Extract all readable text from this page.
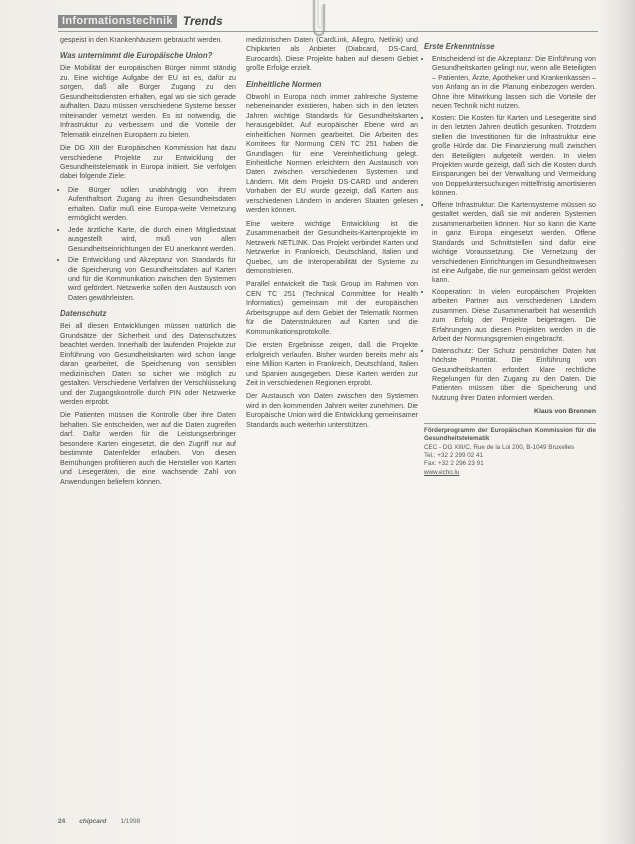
Informationstechnik Trends

gespeist in den Krankenhäusern gebraucht werden.

Was unternimmt die Europäische Union?

Die Mobilität der europäischen Bürger nimmt ständig zu. Eine wichtige Aufgabe der EU ist es, dafür zu sorgen, daß alle Bürger Zugang zu den Gesundheitsdiensten erhalten, egal wo sie sich gerade aufhalten. Dazu müssen verschiedene Systeme besser miteinander vernetzt werden. Es ist notwendig, die Infrastruktur zu verbessern und die Vorteile der Telematik einzelnen Europäern zu bieten.

Die DG XIII der Europäischen Kommission hat dazu verschiedene Projekte zur Entwicklung der Gesundheitstelematik in Europa initiiert. Sie verfolgen dabei folgende Ziele:

• Die Bürger sollen unabhängig von ihrem Aufenthaltsort Zugang zu ihren Gesundheitsdaten erhalten. Dafür muß eine Europa-weite Vernetzung ermöglicht werden.
• Jede ärztliche Karte, die durch einen Mitgliedstaat ausgestellt wird, muß von allen Gesundheitseinrichtungen der EU anerkannt werden.
• Die Entwicklung und Akzeptanz von Standards für die Speicherung von Gesundheitsdaten auf Karten und für die Kommunikation zwischen den Systemen wird gefördert. Netzwerke sollen den Austausch von Daten gewährleisten.
Datenschutz

Bei all diesen Entwicklungen müssen natürlich die Grundsätze der Sicherheit und des Datenschutzes beachtet werden. Innerhalb der laufenden Projekte zur Einführung von Gesundheitskarten wird schon lange daran gearbeitet, die Speicherung von sensiblen medizinischen Daten so sicher wie möglich zu gestalten. Verschiedene Verfahren der Verschlüsselung und der Zugangskontrolle durch PIN oder Netzwerke werden erprobt.

Die Patienten müssen die Kontrolle über ihre Daten behalten. Sie entscheiden, wer auf die Daten zugreifen darf. Dafür werden für die Leistungserbringer besondere Karten eingesetzt, die den Zugriff nur auf bestimmte Datenfelder erlauben. Von diesen Bemühungen profitieren auch die Hersteller von Karten und Lesegeräten, die eine wachsende Zahl von Anwendungen beliefern können.

medizinischen Daten (CardLink, Allegro, Netlink) und Chipkarten als Anbieter (Diabcard, DS-Card, Eurocards). Diese Projekte haben auf diesem Gebiet große Erfolge erzielt.

Einheitliche Normen

Obwohl in Europa noch immer zahlreiche Systeme nebeneinander existieren, haben sich in den letzten Jahren wichtige Standards für Gesundheitskarten herausgebildet. Auf europäischer Ebene wird an einheitlichen Normen gearbeitet. Die Arbeiten des Komitees für Normung CEN TC 251 haben die Grundlagen für eine Vereinheitlichung gelegt. Einheitliche Normen erleichtern den Austausch von Daten zwischen verschiedenen Systemen und Ländern. Mit dem Projekt DS-CARD und anderen Vorhaben der EU wurde gezeigt, daß Karten aus verschiedenen Ländern in anderen Staaten gelesen werden können.

Eine weitere wichtige Entwicklung ist die Zusammenarbeit der Gesundheits-Kartenprojekte im Netzwerk NETLINK. Das Projekt verbindet Karten und Netzwerke in Frankreich, Deutschland, Italien und Quebec, um die Interoperabilität der Systeme zu demonstrieren.

Parallel entwickelt die Task Group im Rahmen von CEN TC 251 (Technical Committee for Health Informatics) gemeinsam mit der europäischen Arbeitsgruppe auf dem Gebiet der Telematik Normen für die Datenstrukturen auf Karten und die Kommunikationsprotokolle.

Die ersten Ergebnisse zeigen, daß die Projekte erfolgreich verlaufen. Bisher wurden bereits mehr als eine Million Karten in Frankreich, Deutschland, Italien und Spanien ausgegeben. Diese Karten werden zur Zeit in verschiedenen Regionen erprobt.

Der Austausch von Daten zwischen den Systemen wird in den kommenden Jahren weiter zunehmen. Die Europäische Union wird die Entwicklung gemeinsamer Standards auch weiterhin unterstützen.

Erste Erkenntnisse
• Entscheidend ist die Akzeptanz: Die Einführung von Gesundheitskarten gelingt nur, wenn alle Beteiligten – Patienten, Ärzte, Apotheker und Krankenkassen – von Anfang an in die Planung einbezogen werden. Ohne ihre Mitwirkung lassen sich die Vorteile der neuen Technik nicht nutzen.
• Kosten: Die Kosten für Karten und Lesegeräte sind in den letzten Jahren deutlich gesunken. Trotzdem stellen die Investitionen für die Infrastruktur eine große Hürde dar. Die Finanzierung muß zwischen den Beteiligten aufgeteilt werden. In vielen Projekten wurde gezeigt, daß sich die Kosten durch Einsparungen bei der Verwaltung und Vermeidung von Doppeluntersuchungen mittelfristig amortisieren können.
• Offene Infrastruktur: Die Kartensysteme müssen so gestaltet werden, daß sie mit anderen Systemen zusammenarbeiten können. Nur so kann die Karte in ganz Europa eingesetzt werden. Offene Standards und Schnittstellen sind dafür eine wichtige Voraussetzung. Die Vernetzung der verschiedenen Einrichtungen im Gesundheitswesen ist eine Aufgabe, die nur gemeinsam gelöst werden kann.
• Kooperation: In vielen europäischen Projekten arbeiten Partner aus verschiedenen Ländern zusammen. Diese Zusammenarbeit hat wesentlich zum Erfolg der Projekte beigetragen. Die Erfahrungen aus diesen Projekten werden in die Arbeit der Normungsgremien eingebracht.
• Datenschutz: Der Schutz persönlicher Daten hat höchste Priorität. Die Einführung von Gesundheitskarten erfordert klare rechtliche Regelungen für den Zugang zu den Daten. Die Patienten müssen über die Speicherung und Nutzung ihrer Daten informiert werden.
Klaus von Brennen
Förderprogramm der Europäischen Kommission für die Gesundheitstelematik
CEC - DG XIII/C, Rue de la Loi 200, B-1049 Bruxelles
Tel.: +32 2 299 02 41
Fax: +32 2 296 23 91
www.echo.lu
24 chipcard 1/1998
